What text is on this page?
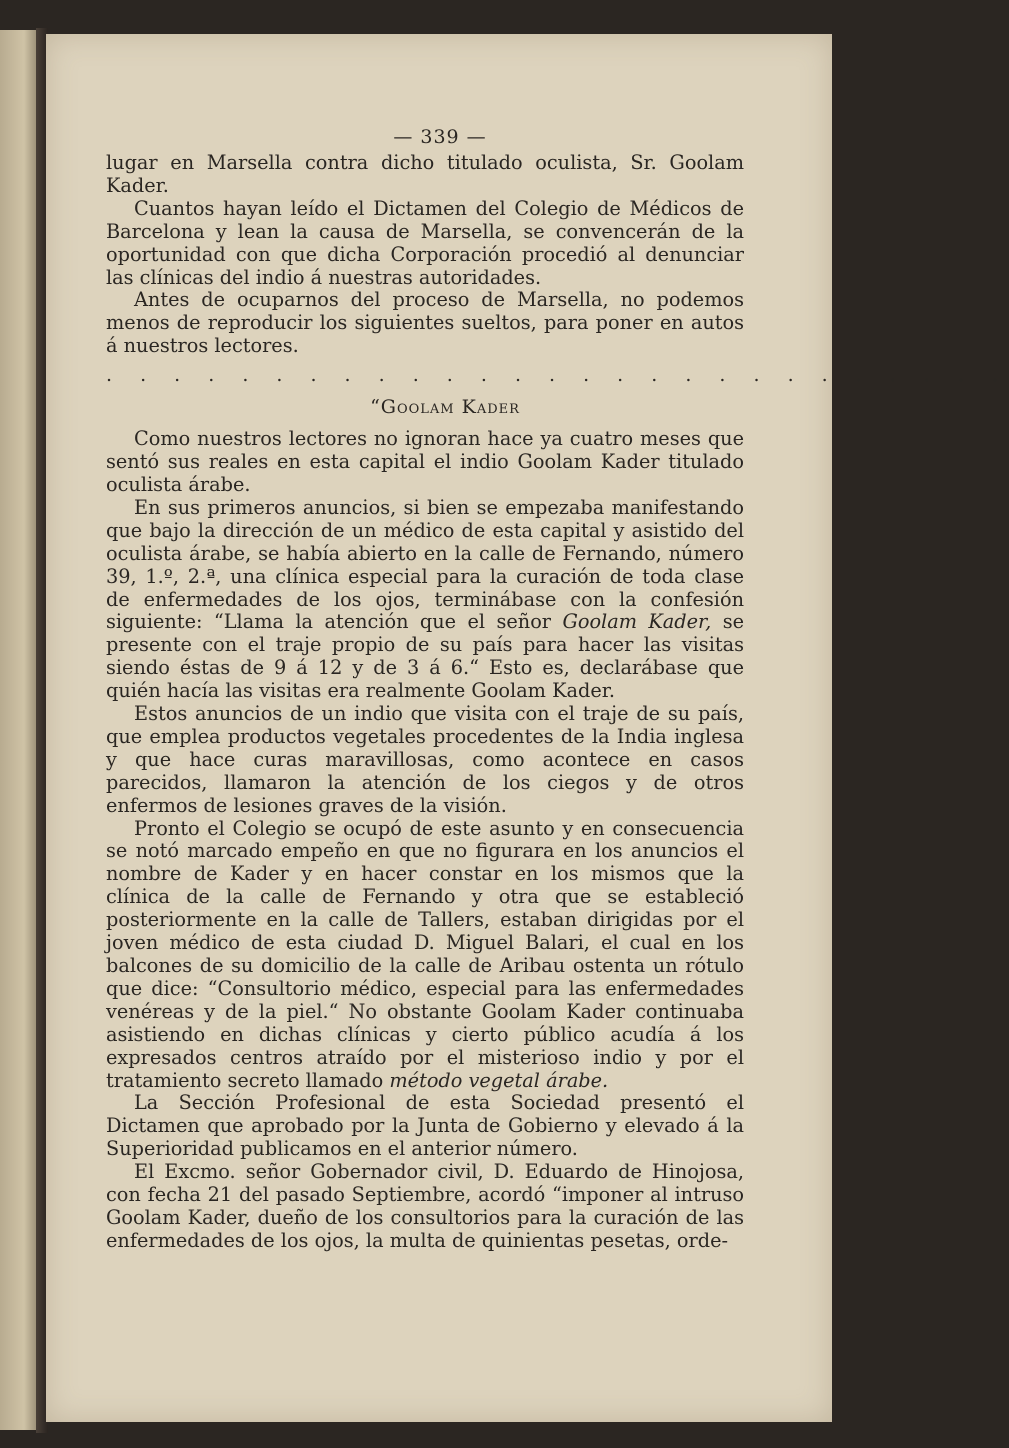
— 339 —

lugar en Marsella contra dicho titulado oculista, Sr. Goolam Kader.

Cuantos hayan leído el Dictamen del Colegio de Médicos de Barcelona y lean la causa de Marsella, se convencerán de la oportunidad con que dicha Corporación procedió al denunciar las clínicas del indio á nuestras autoridades.

Antes de ocuparnos del proceso de Marsella, no podemos menos de reproducir los siguientes sueltos, para poner en autos á nuestros lectores.

. . . . . . . . . . . . . . . . . . . . . . . . . . .
“Goolam Kader

Como nuestros lectores no ignoran hace ya cuatro meses que sentó sus reales en esta capital el indio Goolam Kader titulado oculista árabe.

En sus primeros anuncios, si bien se empezaba manifestando que bajo la dirección de un médico de esta capital y asistido del oculista árabe, se había abierto en la calle de Fernando, número 39, 1.º, 2.ª, una clínica especial para la curación de toda clase de enfermedades de los ojos, terminábase con la confesión siguiente: “Llama la atención que el señor Goolam Kader, se presente con el traje propio de su país para hacer las visitas siendo éstas de 9 á 12 y de 3 á 6.“ Esto es, declarábase que quién hacía las visitas era realmente Goolam Kader.

Estos anuncios de un indio que visita con el traje de su país, que emplea productos vegetales procedentes de la India inglesa y que hace curas maravillosas, como acontece en casos parecidos, llamaron la atención de los ciegos y de otros enfermos de lesiones graves de la visión.

Pronto el Colegio se ocupó de este asunto y en consecuencia se notó marcado empeño en que no figurara en los anuncios el nombre de Kader y en hacer constar en los mismos que la clínica de la calle de Fernando y otra que se estableció posteriormente en la calle de Tallers, estaban dirigidas por el joven médico de esta ciudad D. Miguel Balari, el cual en los balcones de su domicilio de la calle de Aribau ostenta un rótulo que dice: “Consultorio médico, especial para las enfermedades venéreas y de la piel.“ No obstante Goolam Kader continuaba asistiendo en dichas clínicas y cierto público acudía á los expresados centros atraído por el misterioso indio y por el tratamiento secreto llamado método vegetal árabe.

La Sección Profesional de esta Sociedad presentó el Dictamen que aprobado por la Junta de Gobierno y elevado á la Superioridad publicamos en el anterior número.

El Excmo. señor Gobernador civil, D. Eduardo de Hinojosa, con fecha 21 del pasado Septiembre, acordó “imponer al intruso Goolam Kader, dueño de los consultorios para la curación de las enfermedades de los ojos, la multa de quinientas pesetas, orde-
